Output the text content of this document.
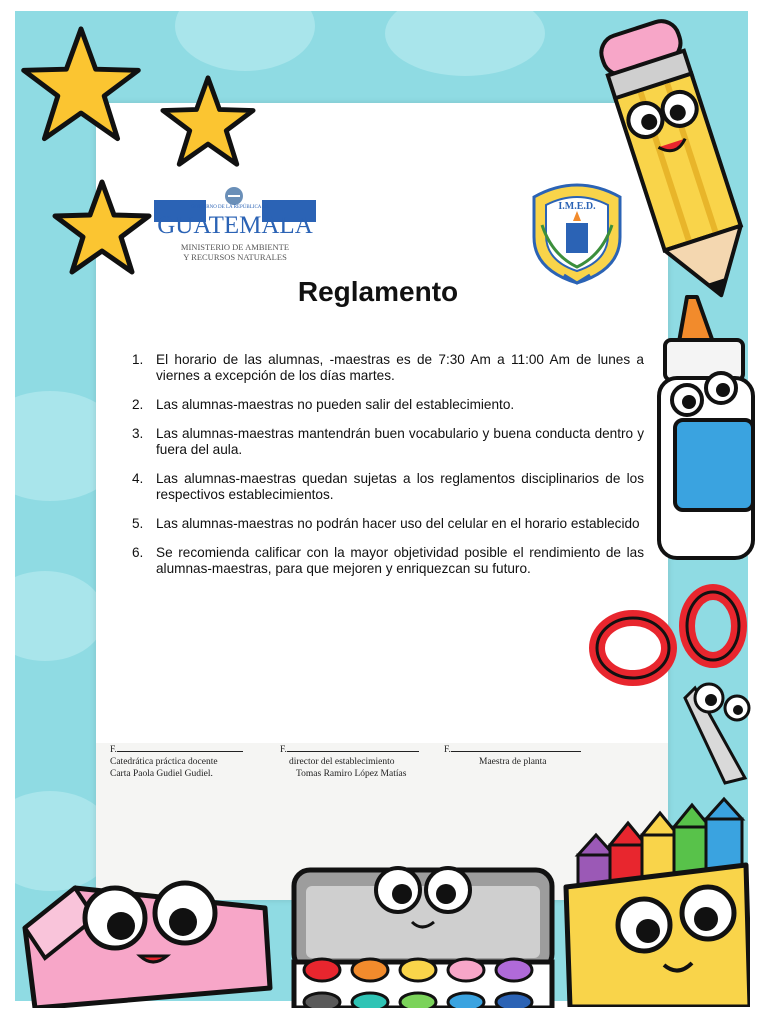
GOBIERNO DE LA REPÚBLICA DE
GUATEMALA
MINISTERIO DE AMBIENTE
Y RECURSOS NATURALES
I.M.E.D.
Reglamento
1. El horario de las alumnas, -maestras es de 7:30 Am a 11:00 Am de lunes a viernes a excepción de los días martes.
2. Las alumnas-maestras no pueden salir del establecimiento.
3. Las alumnas-maestras mantendrán buen vocabulario y buena conducta dentro y fuera del aula.
4. Las alumnas-maestras quedan sujetas a los reglamentos disciplinarios de los respectivos establecimientos.
5. Las alumnas-maestras no podrán hacer uso del celular en el horario establecido
6. Se recomienda calificar con la mayor objetividad posible el rendimiento de las alumnas-maestras, para que mejoren y enriquezcan su futuro.
F.
Catedrática práctica docente
Carta Paola Gudiel Gudiel.
F.
director del establecimiento
Tomas Ramiro López Matías
F.
Maestra de planta
